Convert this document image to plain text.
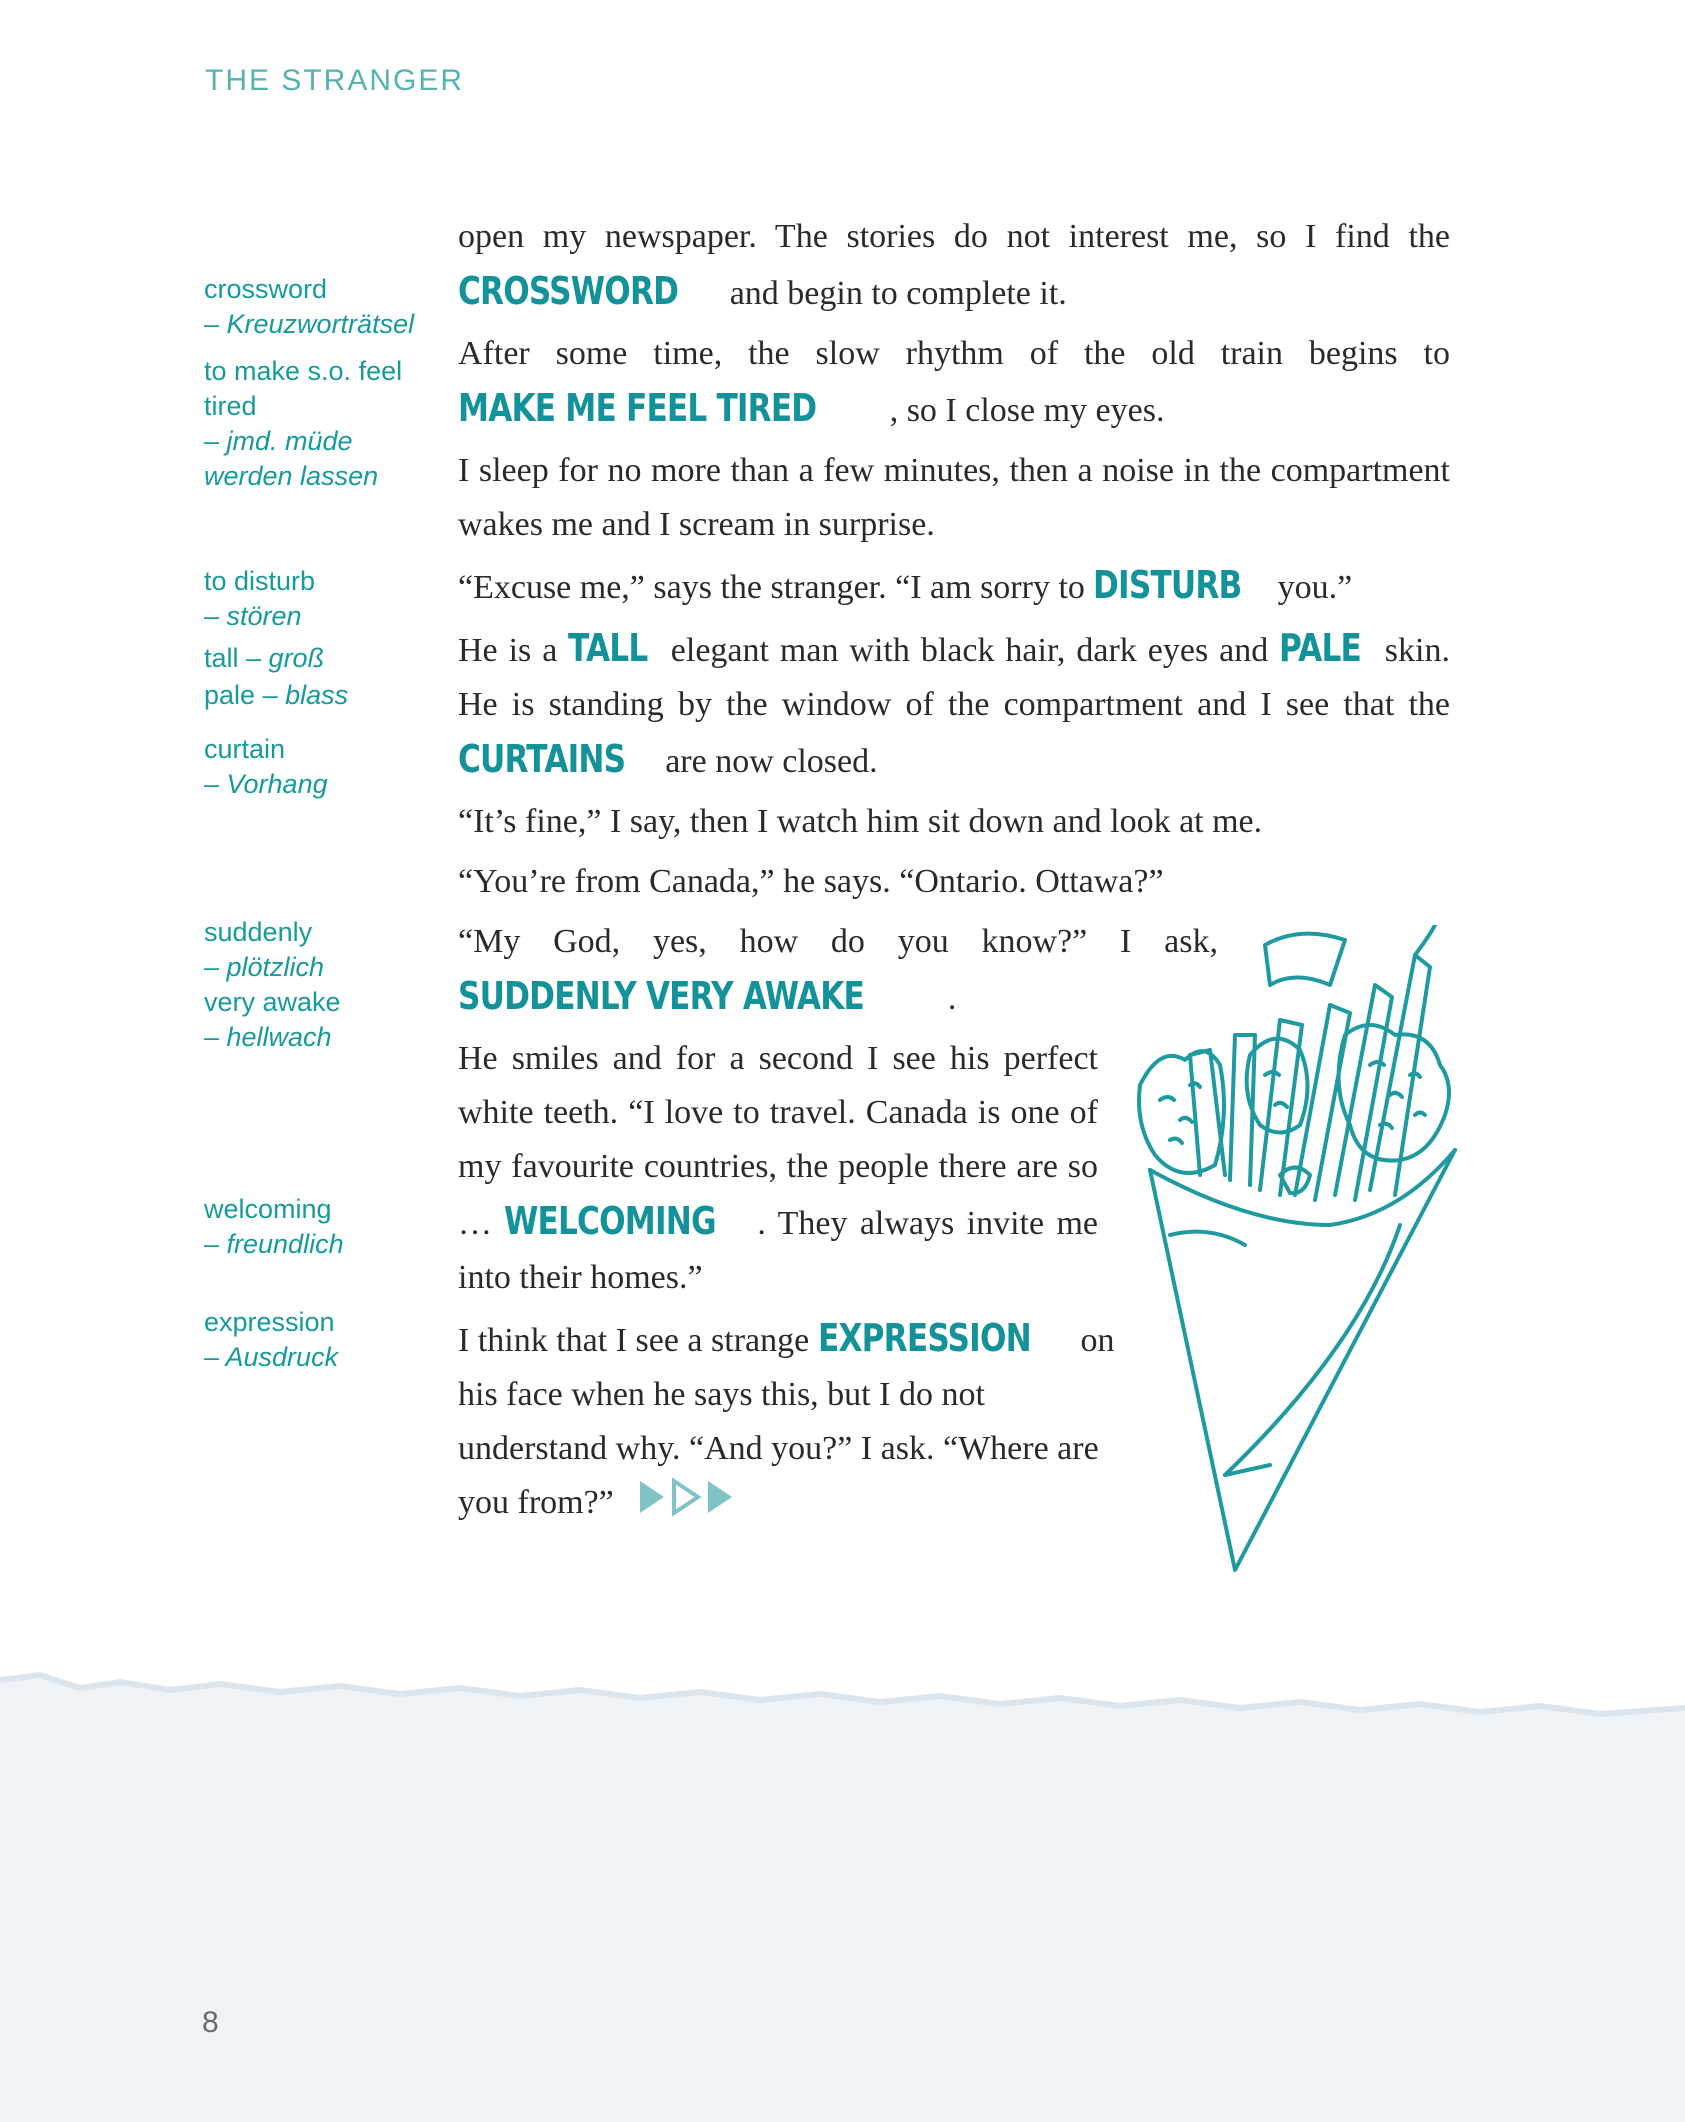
THE STRANGER
crossword
– Kreuzworträtsel
to make s.o. feel tired
– jmd. müde werden lassen
to disturb
– stören
tall – groß
pale – blass
curtain
– Vorhang
suddenly
– plötzlich
very awake
– hellwach
welcoming
– freundlich
expression
– Ausdruck

open my newspaper. The stories do not interest me, so I find the CROSSWORD and begin to complete it.

After some time, the slow rhythm of the old train begins to MAKE ME FEEL TIRED , so I close my eyes.

I sleep for no more than a few minutes, then a noise in the compartment wakes me and I scream in surprise.

“Excuse me,” says the stranger. “I am sorry to DISTURB you.”

He is a TALL elegant man with black hair, dark eyes and PALE skin. He is standing by the window of the compartment and I see that the CURTAINS are now closed.

“It’s fine,” I say, then I watch him sit down and look at me.

“You’re from Canada,” he says. “Ontario. Ottawa?”

“My God, yes, how do you know?” I ask, SUDDENLY VERY AWAKE .

He smiles and for a second I see his perfect white teeth. “I love to travel. Canada is one of my favourite countries, the people there are so … WELCOMING . They always invite me into their homes.”

I think that I see a strange EXPRESSION on his face when he says this, but I do not understand why. “And you?” I ask. “Where are you from?”

8
